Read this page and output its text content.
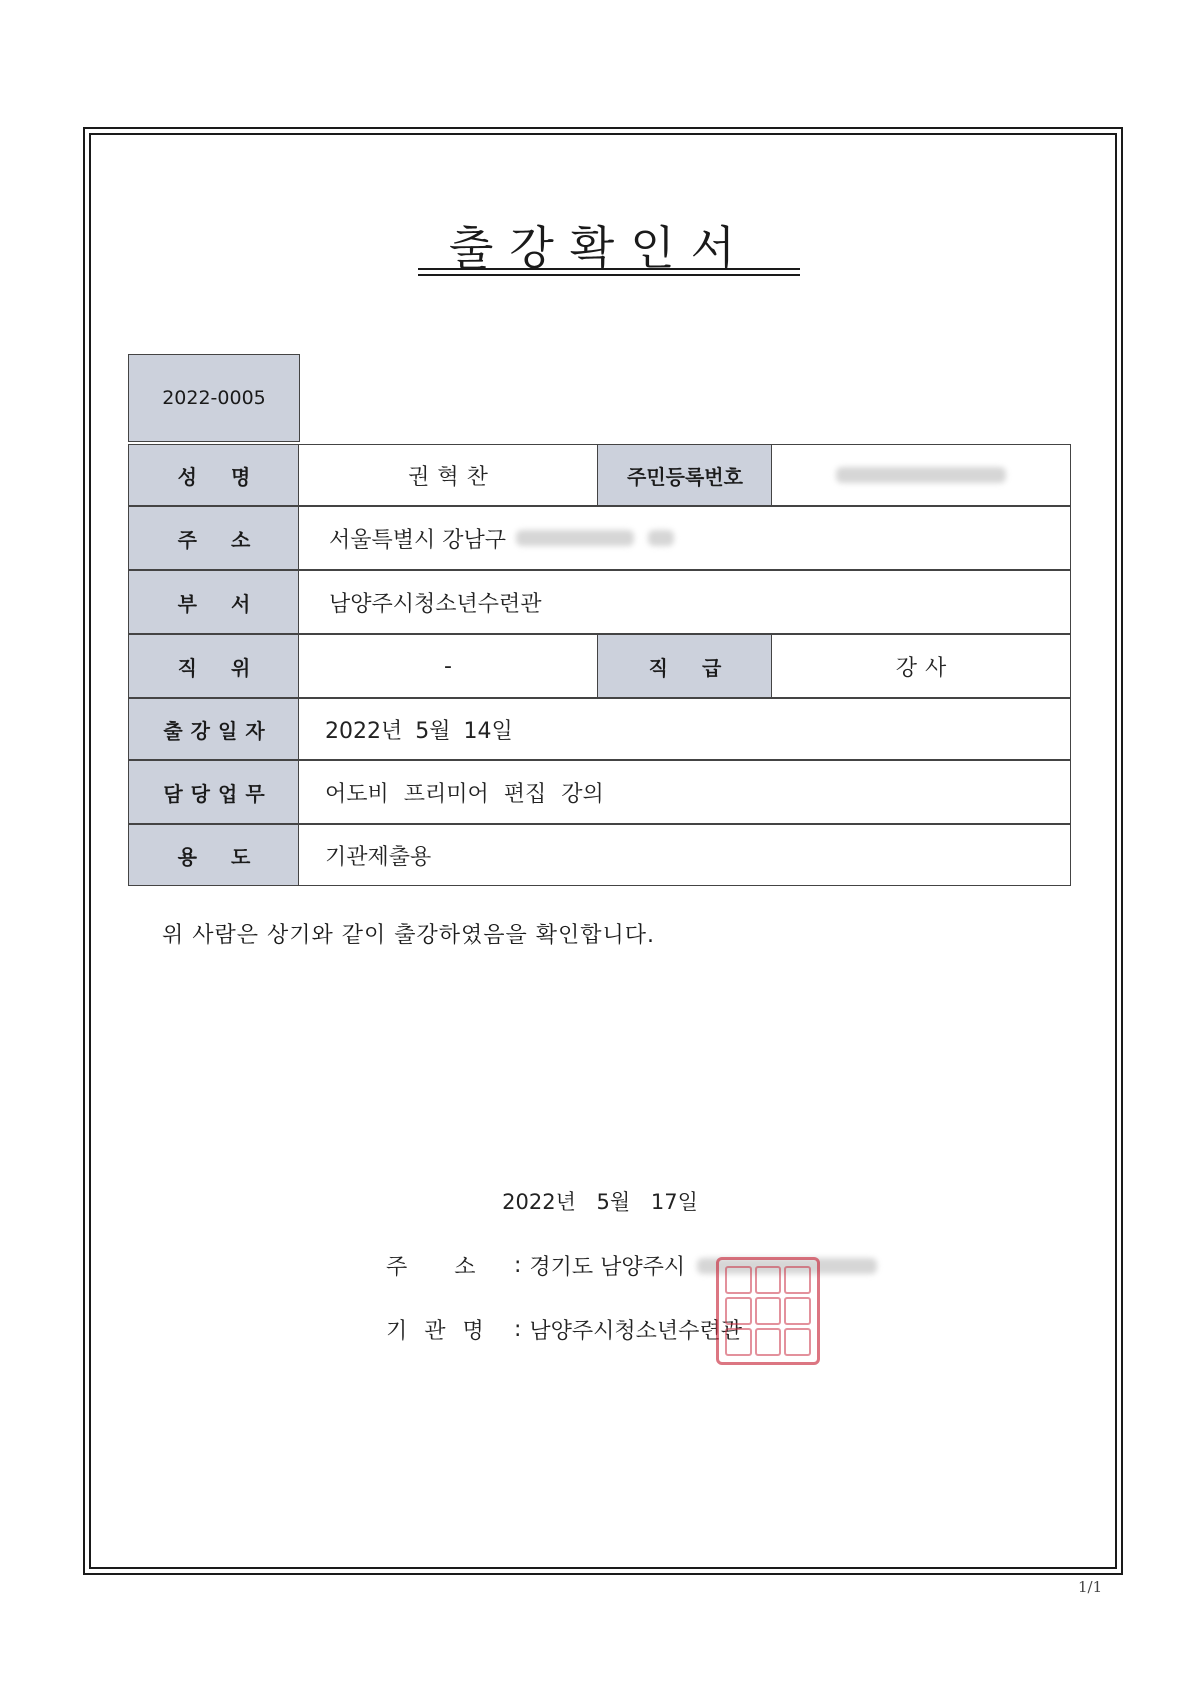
출강확인서
2022-0005
성명	권혁찬	주민등록번호
주소 서울특별시 강남구
부서 남양주시청소년수련관
직위	-	직급	강사
출강일자 2022년 5월 14일
담당업무 어도비 프리미어 편집 강의
용도 기관제출용
위 사람은 상기와 같이 출강하였음을 확인합니다.
2022년 5월 17일
주 소	: 경기도 남양주시
기 관 명	: 남양주시청소년수련관
1/1
